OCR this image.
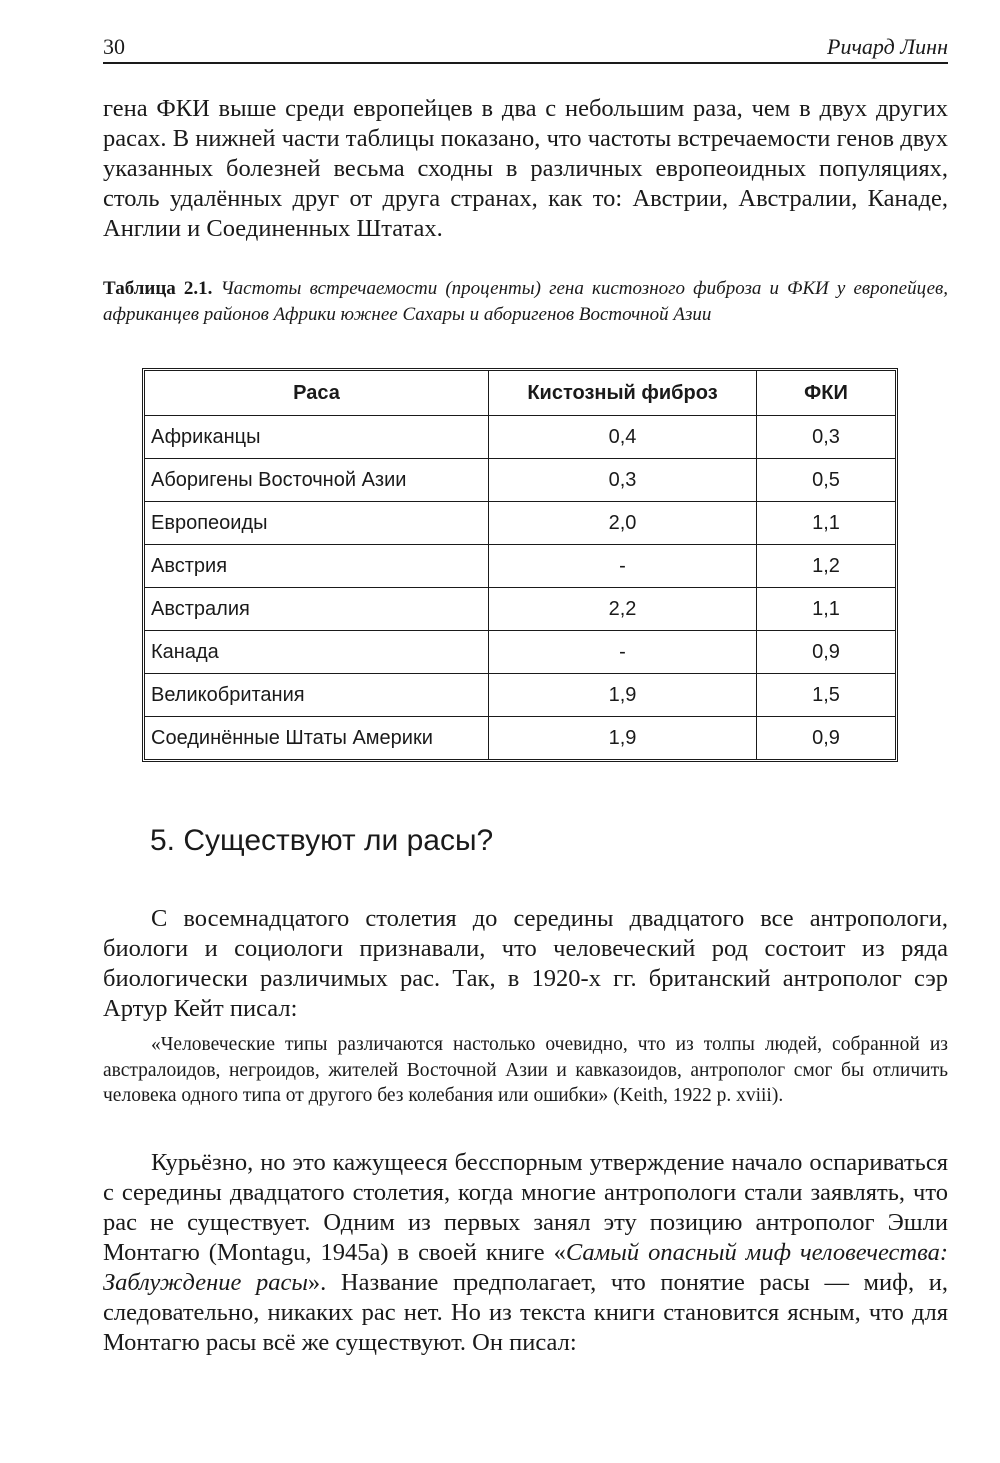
30	Ричард Линн

гена ФКИ выше среди европейцев в два с небольшим раза, чем в двух других расах. В нижней части таблицы показано, что частоты встречаемости генов двух указанных болезней весьма сходны в различных европеоидных популяциях, столь удалённых друг от друга странах, как то: Австрии, Австралии, Канаде, Англии и Соединенных Штатах.

Таблица 2.1. Частоты встречаемости (проценты) гена кистозного фиброза и ФКИ у европейцев, африканцев районов Африки южнее Сахары и аборигенов Восточной Азии

Раса	Кистозный фиброз	ФКИ
Африканцы	0,4	0,3
Аборигены Восточной Азии	0,3	0,5
Европеоиды	2,0	1,1
Австрия	-	1,2
Австралия	2,2	1,1
Канада	-	0,9
Великобритания	1,9	1,5
Соединённые Штаты Америки	1,9	0,9
5. Существуют ли расы?

С восемнадцатого столетия до середины двадцатого все антропологи, биологи и социологи признавали, что человеческий род состоит из ряда биологически различимых рас. Так, в 1920-х гг. британский антрополог сэр Артур Кейт писал:

«Человеческие типы различаются настолько очевидно, что из толпы людей, собранной из австралоидов, негроидов, жителей Восточной Азии и кавказоидов, антрополог смог бы отличить человека одного типа от другого без колебания или ошибки» (Keith, 1922 p. xviii).

Курьёзно, но это кажущееся бесспорным утверждение начало оспариваться с середины двадцатого столетия, когда многие антропологи стали заявлять, что рас не существует. Одним из первых занял эту позицию антрополог Эшли Монтагю (Montagu, 1945a) в своей книге «Самый опасный миф человечества: Заблуждение расы». Название предполагает, что понятие расы — миф, и, следовательно, никаких рас нет. Но из текста книги становится ясным, что для Монтагю расы всё же существуют. Он писал:
